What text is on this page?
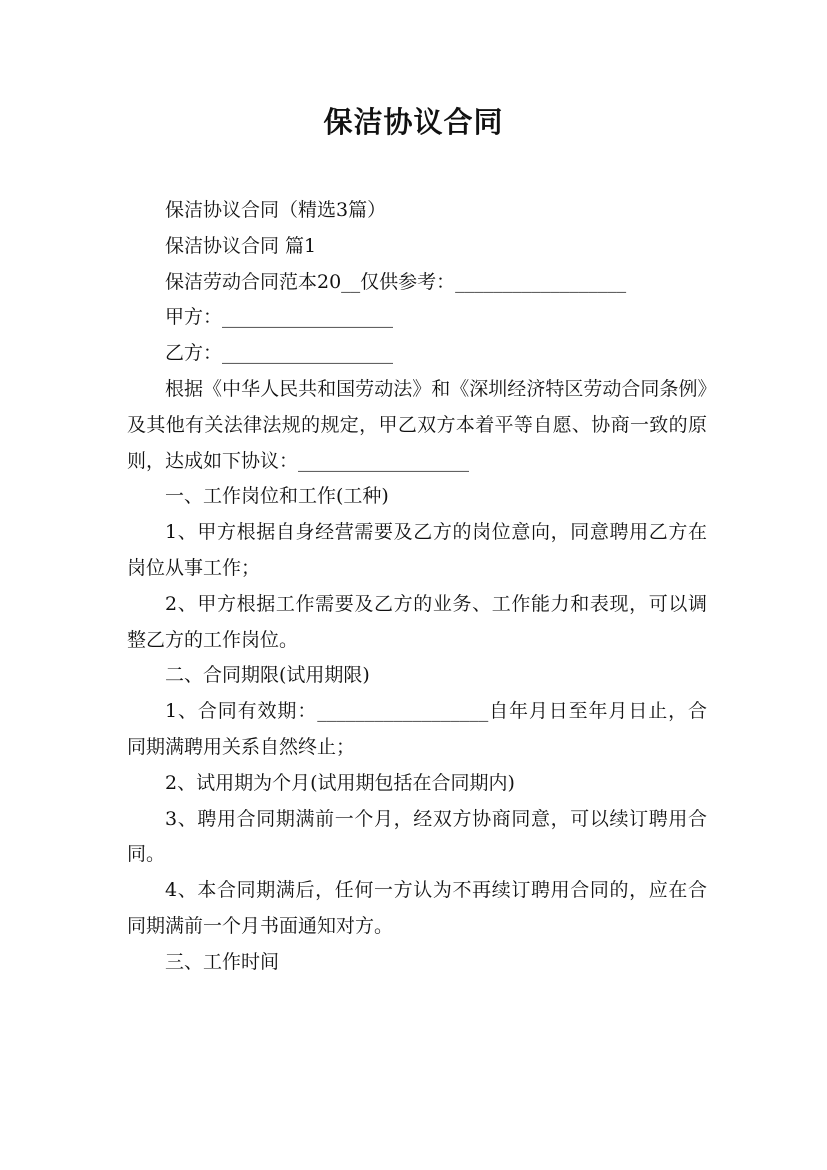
保洁协议合同

保洁协议合同（精选3篇）

保洁协议合同 篇1

保洁劳动合同范本20__仅供参考：__________________

甲方：__________________

乙方：__________________

根据《中华人民共和国劳动法》和《深圳经济特区劳动合同条例》及其他有关法律法规的规定，甲乙双方本着平等自愿、协商一致的原则，达成如下协议：__________________

一、工作岗位和工作(工种)

1、甲方根据自身经营需要及乙方的岗位意向，同意聘用乙方在岗位从事工作；

2、甲方根据工作需要及乙方的业务、工作能力和表现，可以调整乙方的工作岗位。

二、合同期限(试用期限)

1、合同有效期：__________________自年月日至年月日止，合同期满聘用关系自然终止；

2、试用期为个月(试用期包括在合同期内)

3、聘用合同期满前一个月，经双方协商同意，可以续订聘用合同。

4、本合同期满后，任何一方认为不再续订聘用合同的，应在合同期满前一个月书面通知对方。

三、工作时间
